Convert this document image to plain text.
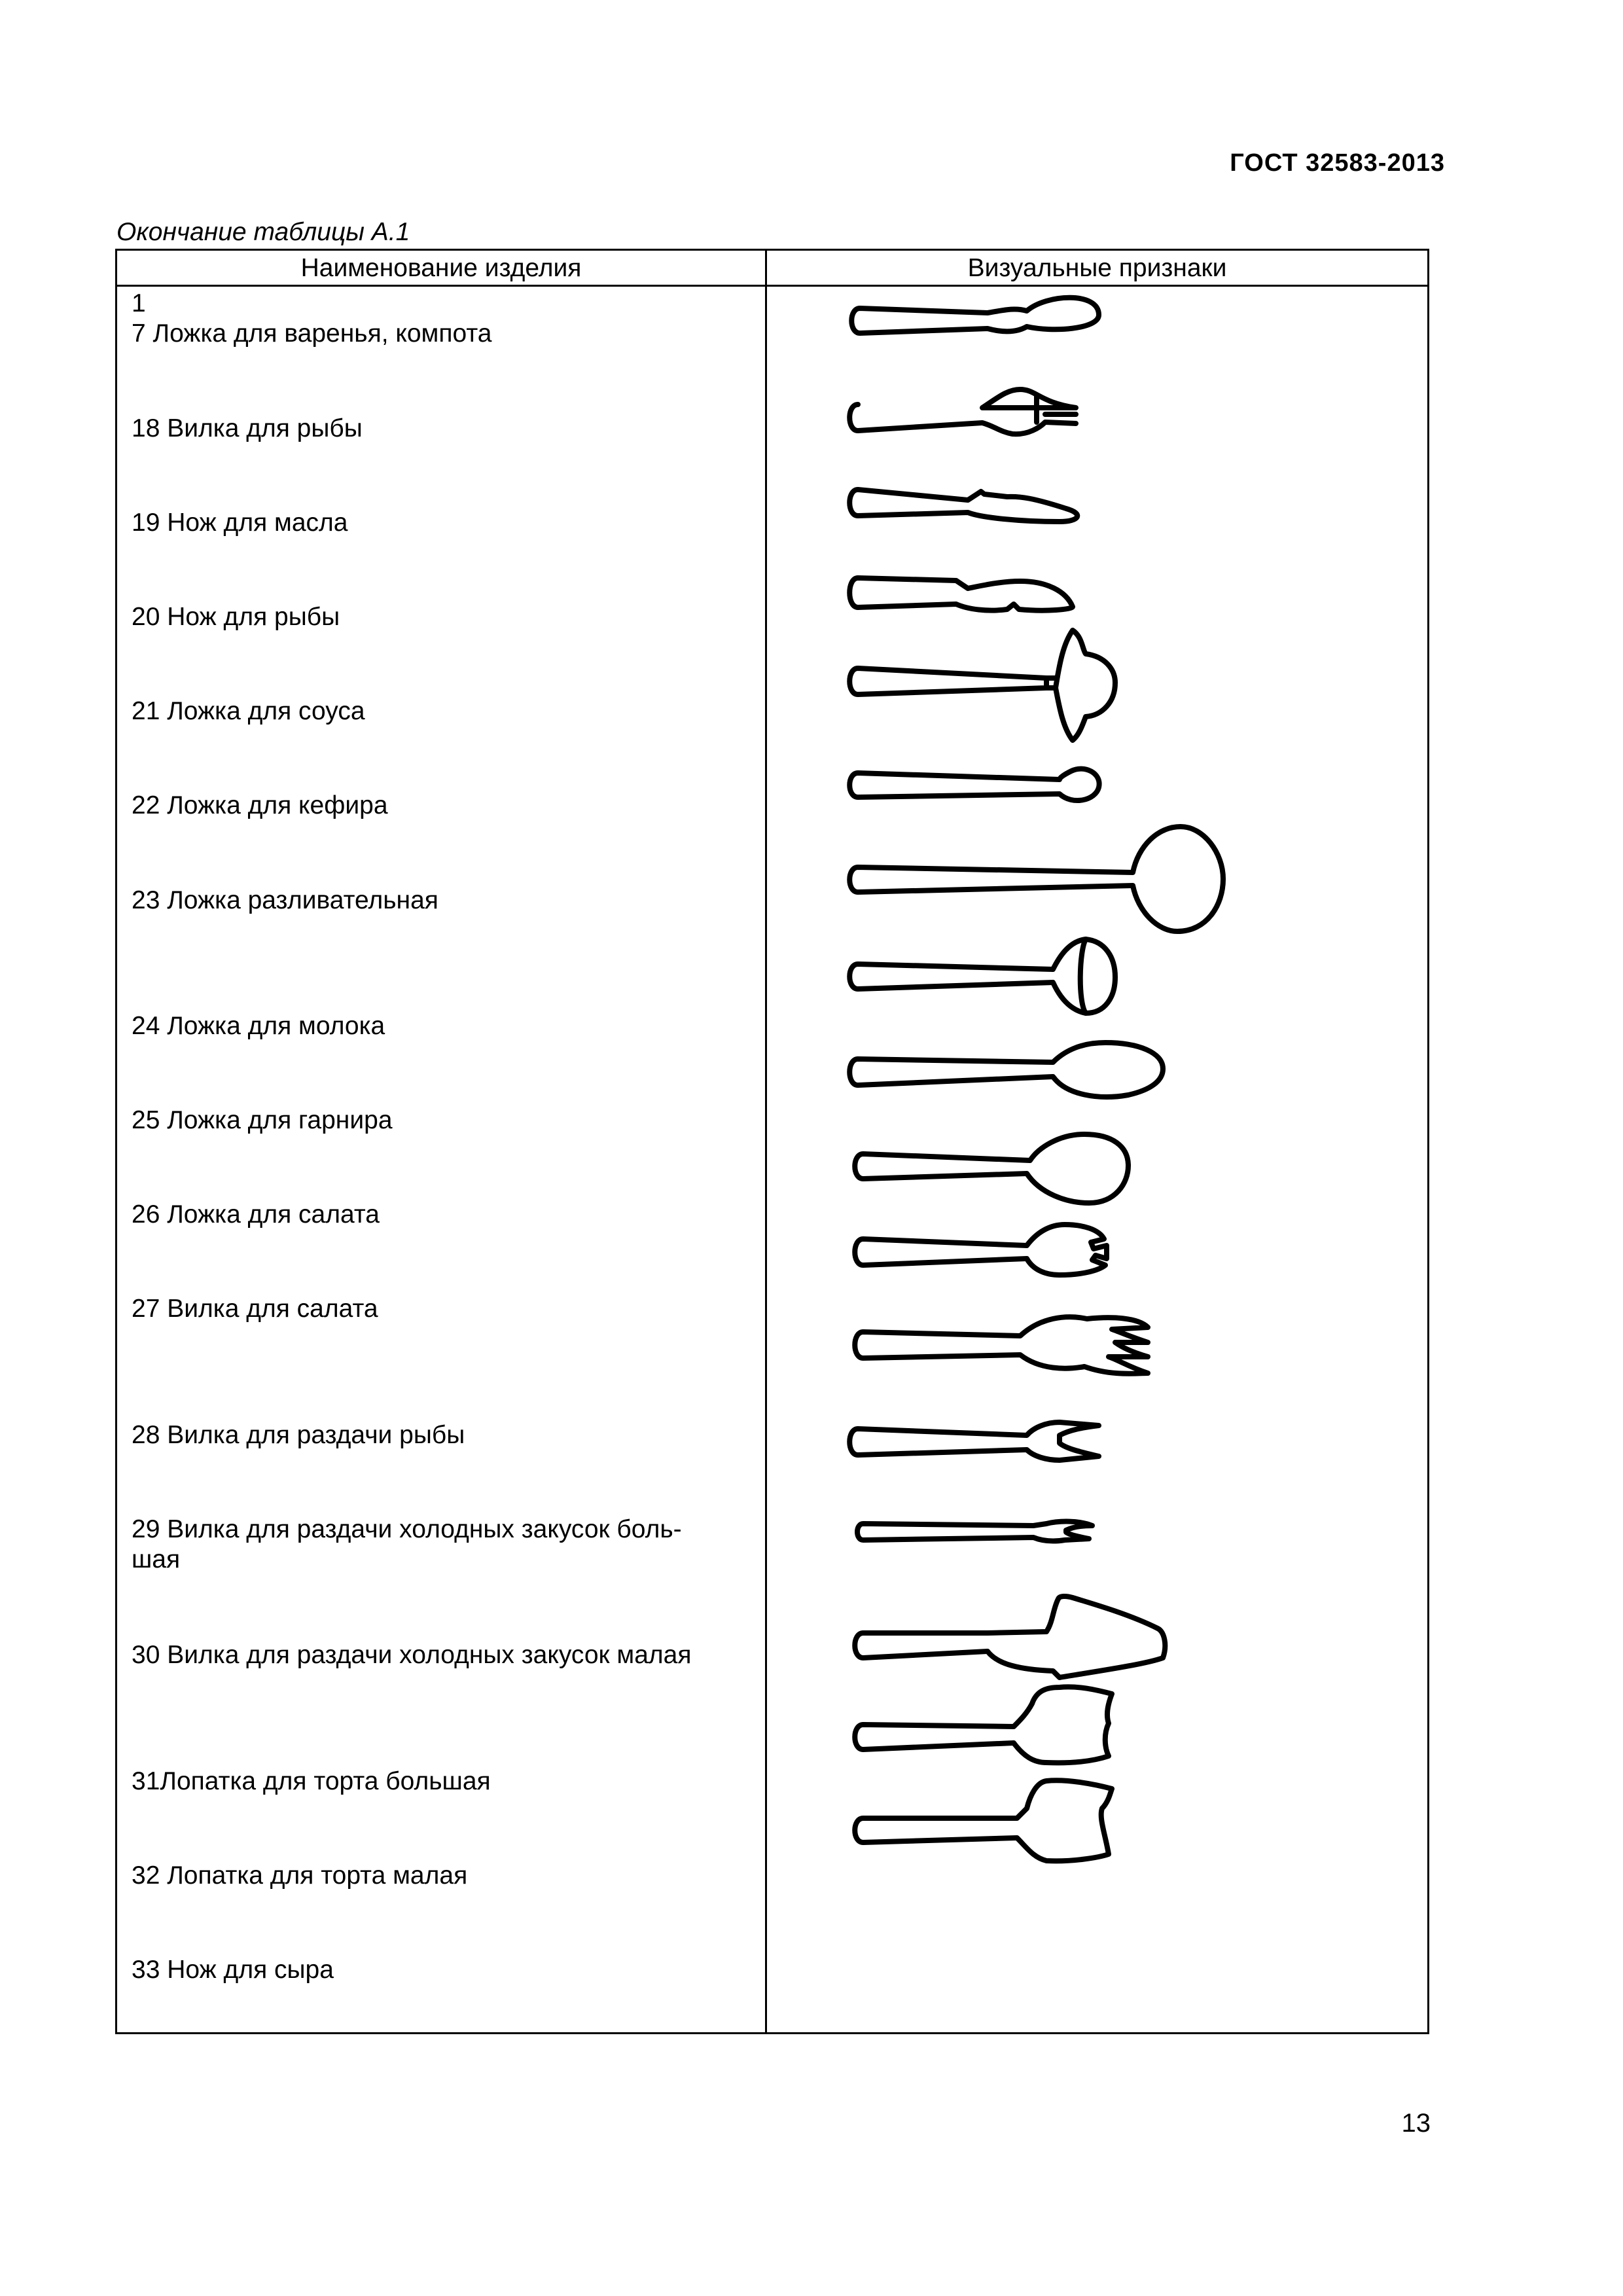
ГОСТ 32583-2013
Окончание таблицы А.1
Наименование изделия	Визуальные признаки
1
7 Ложка для варенья, компота
18 Вилка для рыбы
19 Нож для масла
20 Нож для рыбы
21 Ложка для соуса
22 Ложка для кефира
23 Ложка разливательная
24 Ложка для молока
25 Ложка для гарнира
26 Ложка для салата
27 Вилка для салата
28 Вилка для раздачи рыбы
29 Вилка для раздачи холодных закусок боль-
шая
30 Вилка для раздачи холодных закусок малая
31Лопатка для торта большая
32 Лопатка для торта малая
33 Нож для сыра
13
